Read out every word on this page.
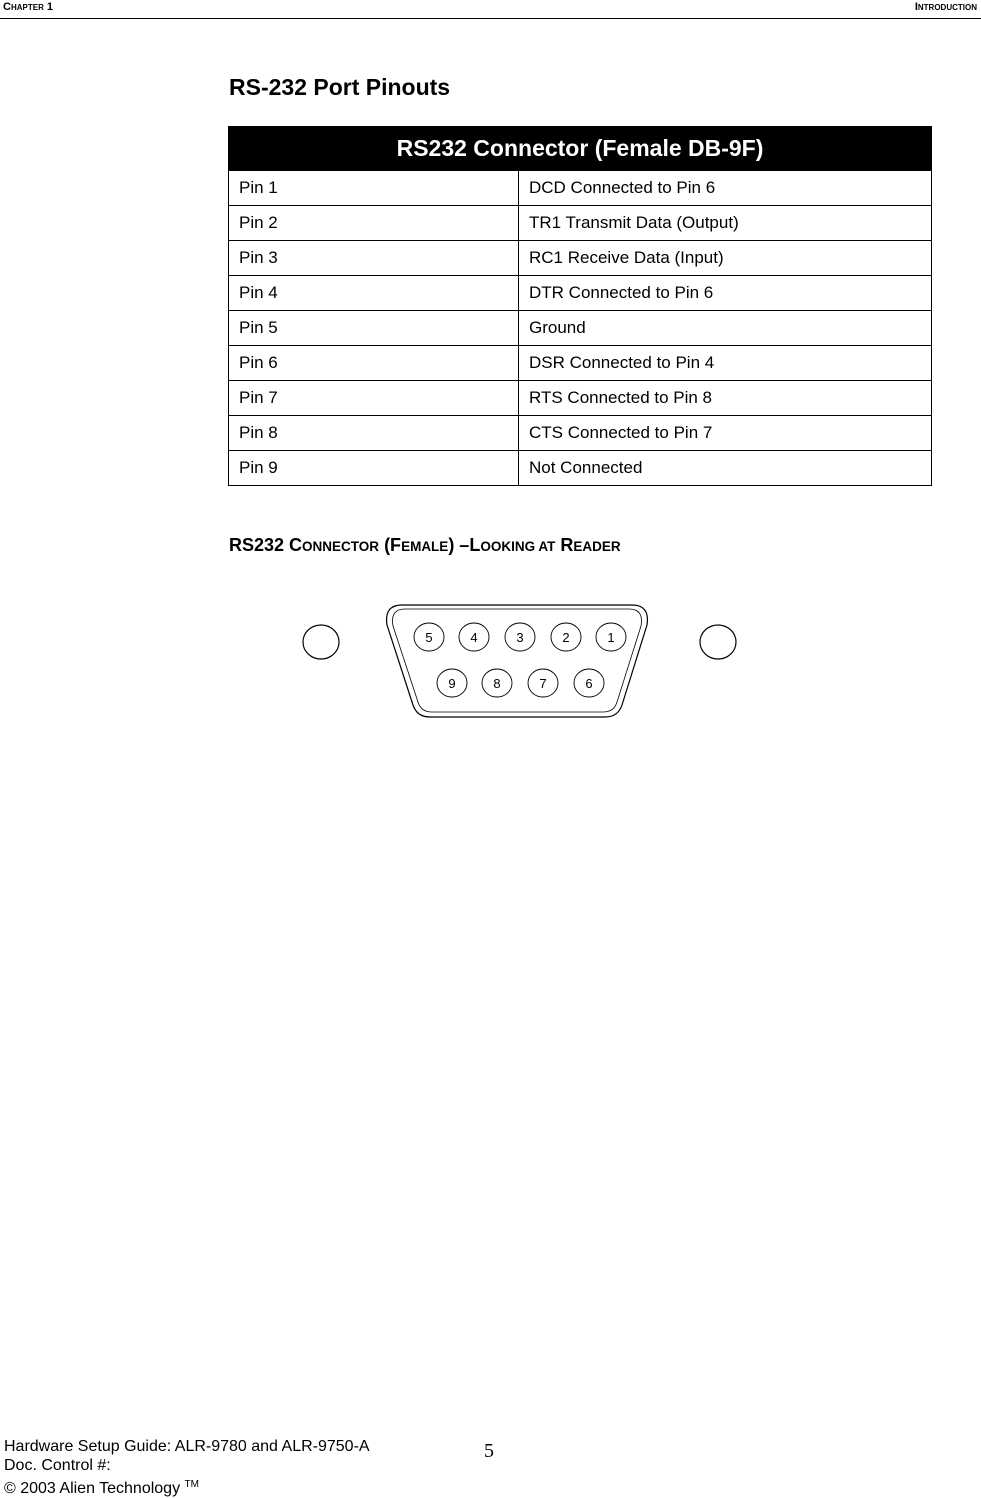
CHAPTER 1	INTRODUCTION
RS-232 Port Pinouts
RS232 Connector (Female DB-9F)	
Pin 1	DCD Connected to Pin 6
Pin 2	TR1 Transmit Data (Output)
Pin 3	RC1 Receive Data (Input)
Pin 4	DTR Connected to Pin 6
Pin 5	Ground
Pin 6	DSR Connected to Pin 4
Pin 7	RTS Connected to Pin 8
Pin 8	CTS Connected to Pin 7
Pin 9	Not Connected
RS232 CONNECTOR (FEMALE) –LOOKING AT READER
5	4	3	2	1
9	8	7	6
Hardware Setup Guide: ALR-9780 and ALR-9750-A
Doc. Control #:
© 2003 Alien Technology ™
5
